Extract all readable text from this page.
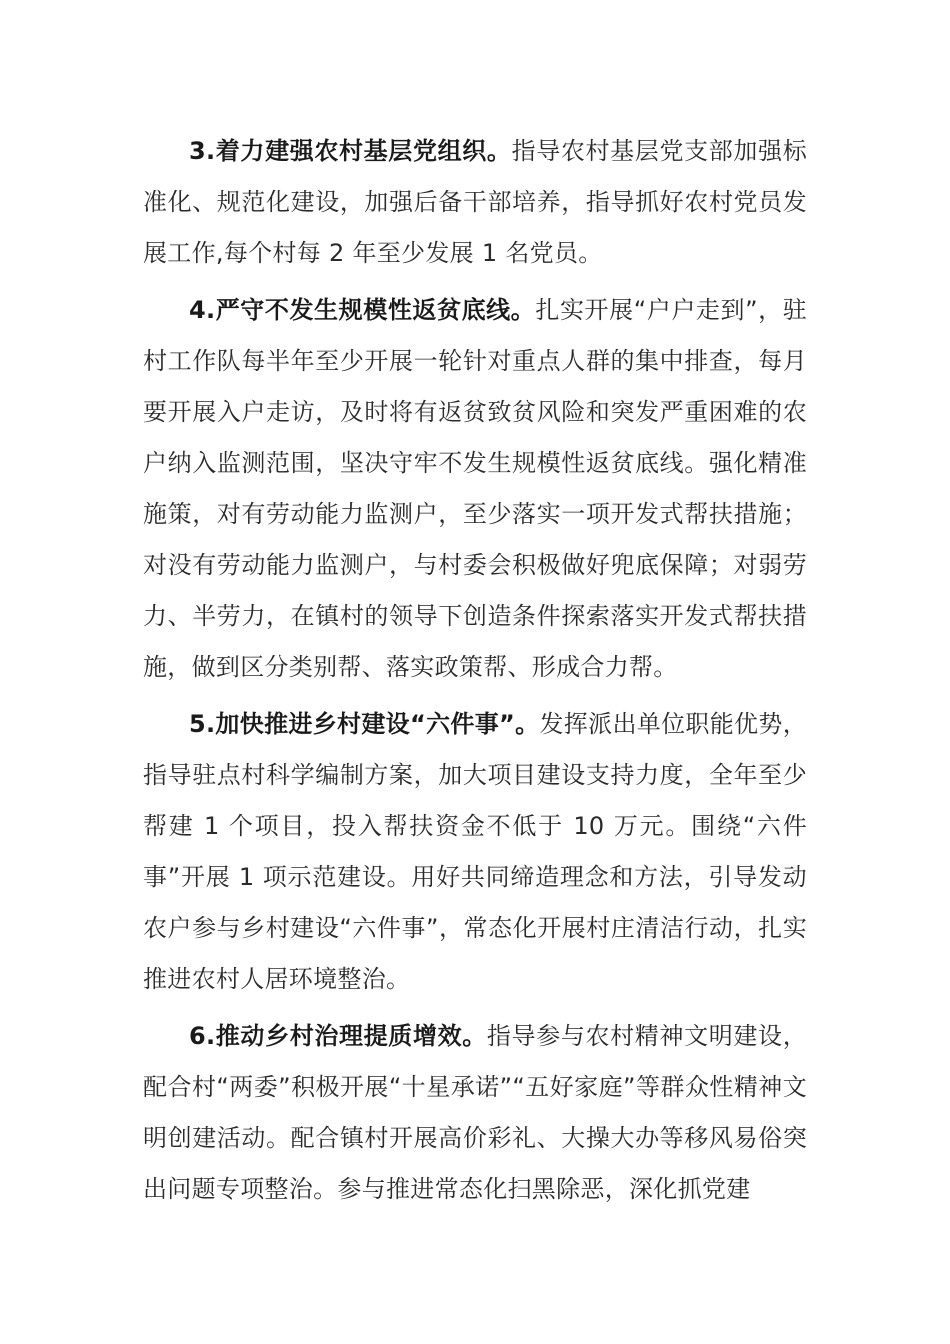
3.着力建强农村基层党组织。指导农村基层党支部加强标准化、规范化建设，加强后备干部培养，指导抓好农村党员发展工作,每个村每 2 年至少发展 1 名党员。

4.严守不发生规模性返贫底线。扎实开展“户户走到”，驻村工作队每半年至少开展一轮针对重点人群的集中排查，每月要开展入户走访，及时将有返贫致贫风险和突发严重困难的农户纳入监测范围，坚决守牢不发生规模性返贫底线。强化精准施策，对有劳动能力监测户，至少落实一项开发式帮扶措施；对没有劳动能力监测户，与村委会积极做好兜底保障；对弱劳力、半劳力，在镇村的领导下创造条件探索落实开发式帮扶措施，做到区分类别帮、落实政策帮、形成合力帮。

5.加快推进乡村建设“六件事”。发挥派出单位职能优势，指导驻点村科学编制方案，加大项目建设支持力度，全年至少帮建 1 个项目，投入帮扶资金不低于 10 万元。围绕“六件事”开展 1 项示范建设。用好共同缔造理念和方法，引导发动农户参与乡村建设“六件事”，常态化开展村庄清洁行动，扎实推进农村人居环境整治。

6.推动乡村治理提质增效。指导参与农村精神文明建设，配合村“两委”积极开展“十星承诺”“五好家庭”等群众性精神文明创建活动。配合镇村开展高价彩礼、大操大办等移风易俗突出问题专项整治。参与推进常态化扫黑除恶，深化抓党建
